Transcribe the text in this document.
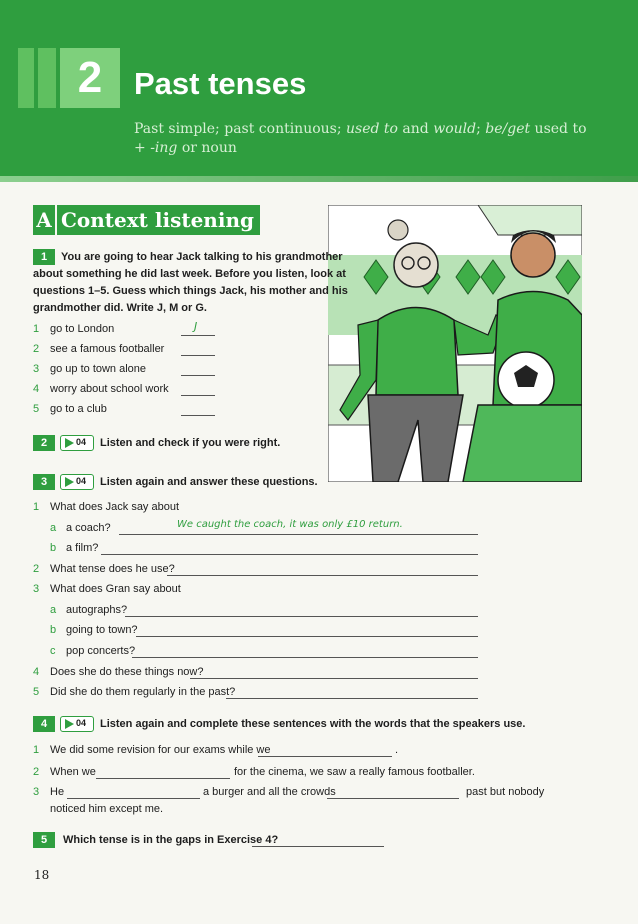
2	Past tenses
Past simple; past continuous; used to and would; be/get used to + -ing or noun
A Context listening
1	You are going to hear Jack talking to his grandmother
about something he did last week. Before you listen, look at
questions 1–5. Guess which things Jack, his mother and his
grandmother did. Write J, M or G.
1 go to London	J
2 see a famous footballer
3 go up to town alone
4 worry about school work
5 go to a club
2	04	Listen and check if you were right.
3	04	Listen again and answer these questions.
1 What does Jack say about
a a coach?	We caught the coach, it was only £10 return.
b a film?
2 What tense does he use?
3 What does Gran say about
a autographs?
b going to town?
c pop concerts?
4 Does she do these things now?
5 Did she do them regularly in the past?
4	04	Listen again and complete these sentences with the words that the speakers use.
1 We did some revision for our exams while we	.
2 When we	for the cinema, we saw a really famous footballer.
3 He	a burger and all the crowds	past but nobody
noticed him except me.
5	Which tense is in the gaps in Exercise 4?
18
